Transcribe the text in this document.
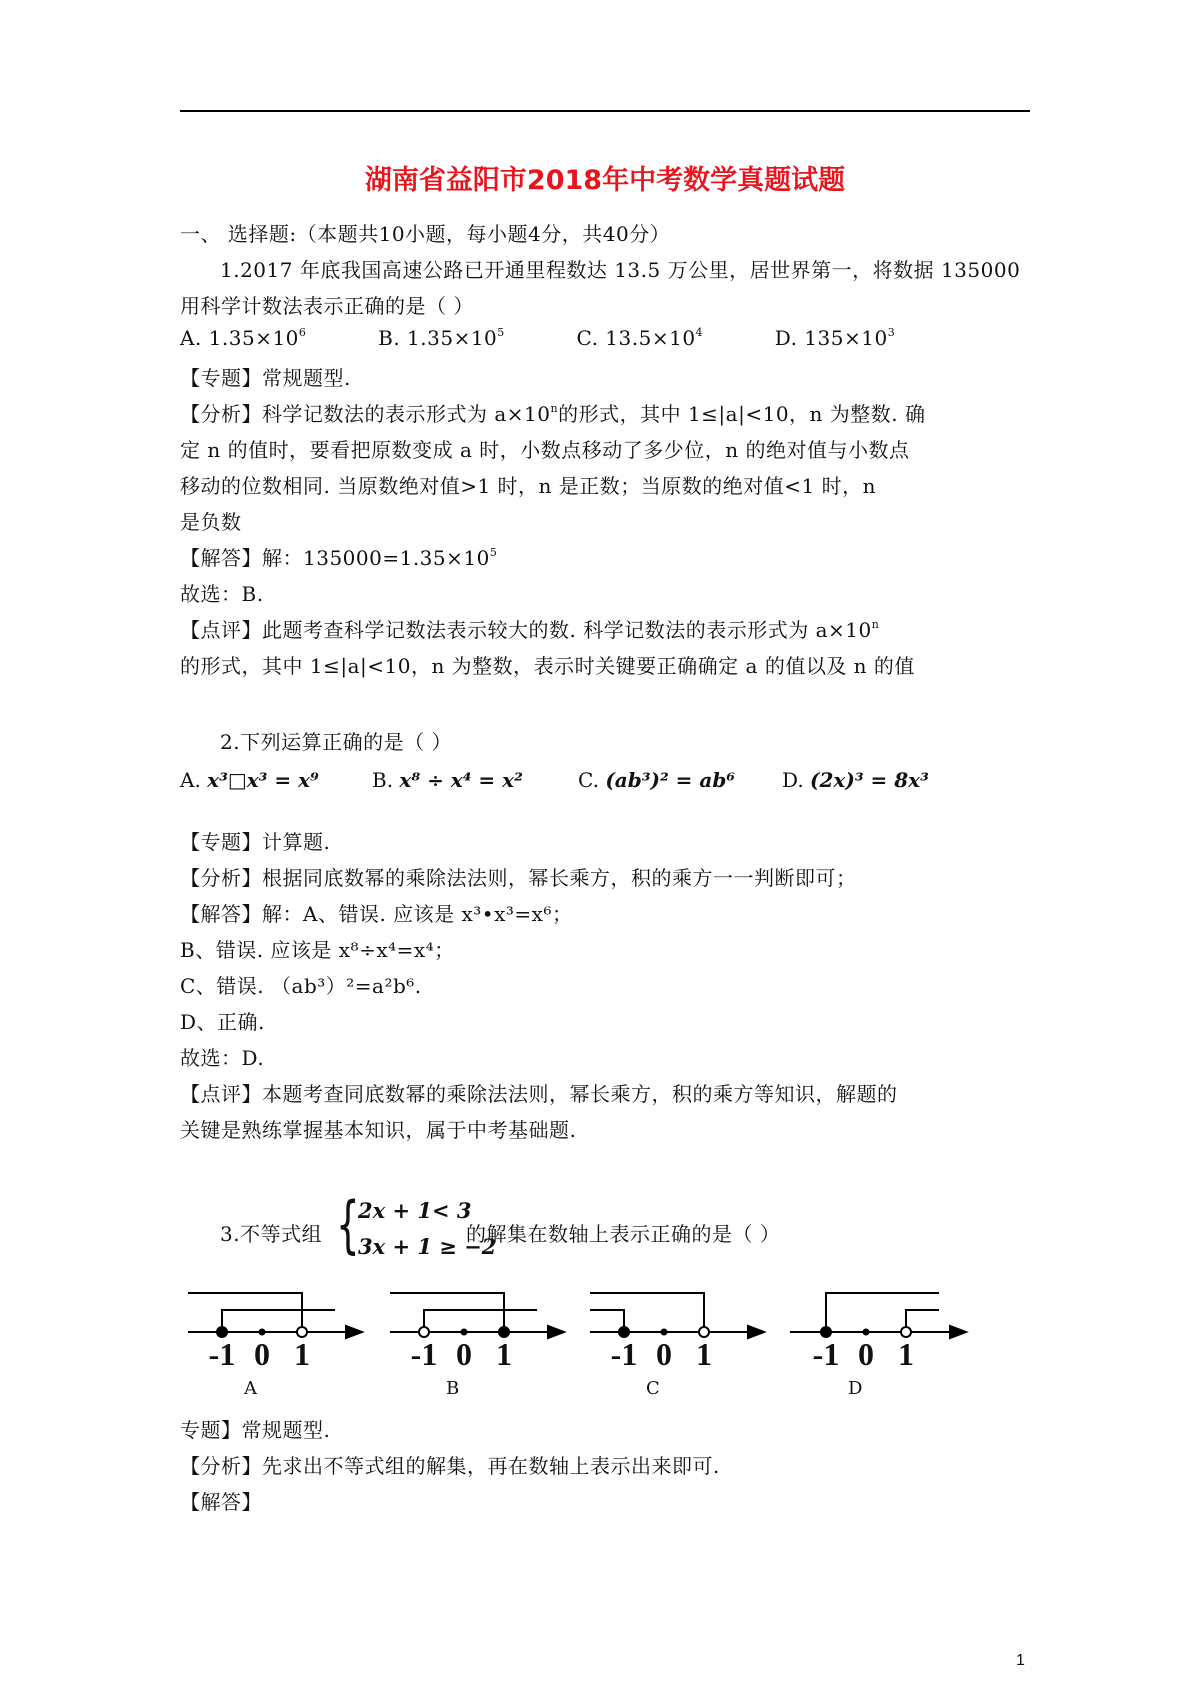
湖南省益阳市2018年中考数学真题试题
一、 选择题:（本题共10小题，每小题4分，共40分）
1.2017 年底我国高速公路已开通里程数达 13.5 万公里，居世界第一，将数据 135000
用科学计数法表示正确的是（ ）
A. $1.35\times 10^6$	B. $1.35\times 10^5$	C. $13.5\times 10^4$	D. $135\times 10^3$
【专题】常规题型.
【分析】科学记数法的表示形式为 $a\times 10^n$的形式，其中 1≤|a|<10，n 为整数. 确
定 n 的值时，要看把原数变成 a 时，小数点移动了多少位，n 的绝对值与小数点
移动的位数相同. 当原数绝对值>1 时，n 是正数；当原数的绝对值<1 时，n
是负数
【解答】解：$135000=1.35\times 10^5$
故选：B.
【点评】此题考查科学记数法表示较大的数. 科学记数法的表示形式为 $a\times 10^n$
的形式，其中 1≤|a|<10，n 为整数，表示时关键要正确确定 a 的值以及 n 的值
2.下列运算正确的是（ ）
A. x³□x³ = x⁹	B. x⁸ ÷ x⁴ = x²	C. (ab³)² = ab⁶ D. (2x)³ = 8x³
【专题】计算题.
【分析】根据同底数幂的乘除法法则，幂长乘方，积的乘方一一判断即可；
【解答】解：A、错误. 应该是 x³•x³=x⁶；
B、错误. 应该是 x⁸÷x⁴=x⁴；
C、错误. （ab³）²=a²b⁶.
D、正确.
故选：D.
【点评】本题考查同底数幂的乘除法法则，幂长乘方，积的乘方等知识，解题的
关键是熟练掌握基本知识，属于中考基础题.
3.不等式组 {
2x + 1< 3
3x + 1 ≥ −2
的解集在数轴上表示正确的是（ ）
-1 0 1
A
-1 0 1
B
-1 0 1
C
-1 0 1
D
专题】常规题型.
【分析】先求出不等式组的解集，再在数轴上表示出来即可.
【解答】
1
